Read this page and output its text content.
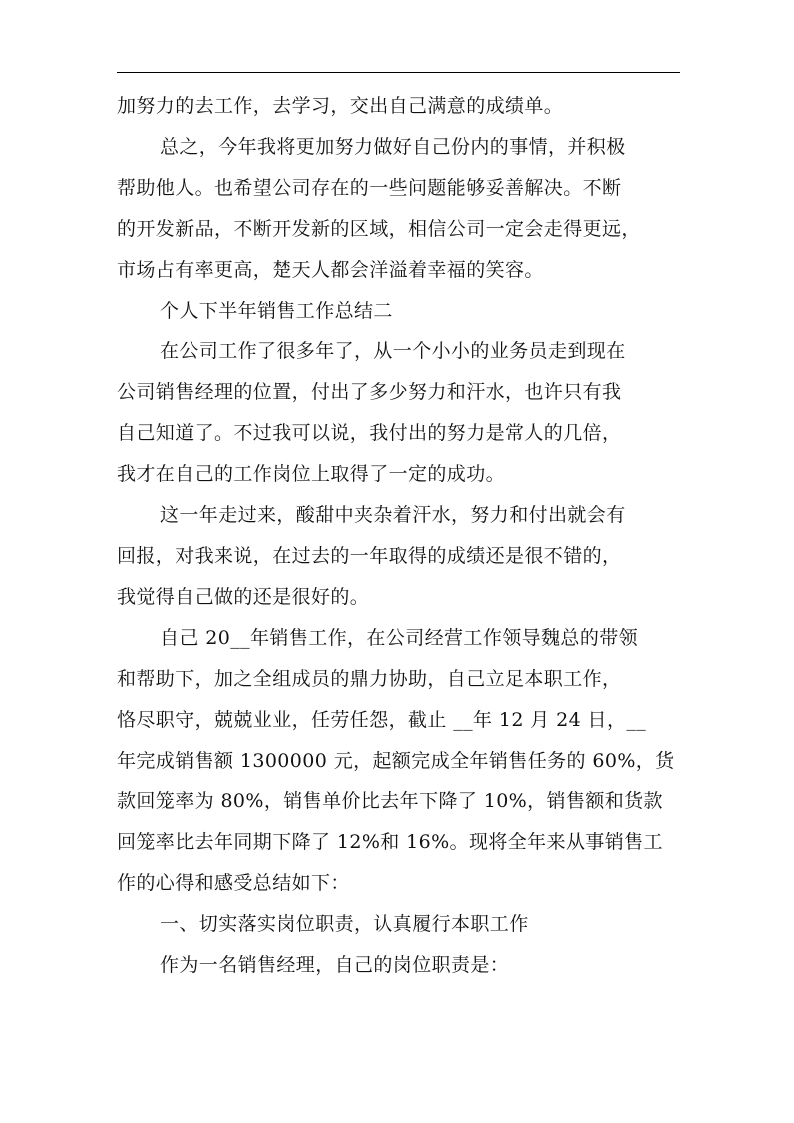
加努力的去工作，去学习，交出自己满意的成绩单。

总之，今年我将更加努力做好自己份内的事情，并积极

帮助他人。也希望公司存在的一些问题能够妥善解决。不断

的开发新品，不断开发新的区域，相信公司一定会走得更远，

市场占有率更高，楚天人都会洋溢着幸福的笑容。

个人下半年销售工作总结二

在公司工作了很多年了，从一个小小的业务员走到现在

公司销售经理的位置，付出了多少努力和汗水，也许只有我

自己知道了。不过我可以说，我付出的努力是常人的几倍，

我才在自己的工作岗位上取得了一定的成功。

这一年走过来，酸甜中夹杂着汗水，努力和付出就会有

回报，对我来说，在过去的一年取得的成绩还是很不错的，

我觉得自己做的还是很好的。

自己 20__年销售工作，在公司经营工作领导魏总的带领

和帮助下，加之全组成员的鼎力协助，自己立足本职工作，

恪尽职守，兢兢业业，任劳任怨，截止 __年 12 月 24 日，__

年完成销售额 1300000 元，起额完成全年销售任务的 60%，货

款回笼率为 80%，销售单价比去年下降了 10%，销售额和货款

回笼率比去年同期下降了 12%和 16%。现将全年来从事销售工

作的心得和感受总结如下：

一、切实落实岗位职责，认真履行本职工作

作为一名销售经理，自己的岗位职责是：
